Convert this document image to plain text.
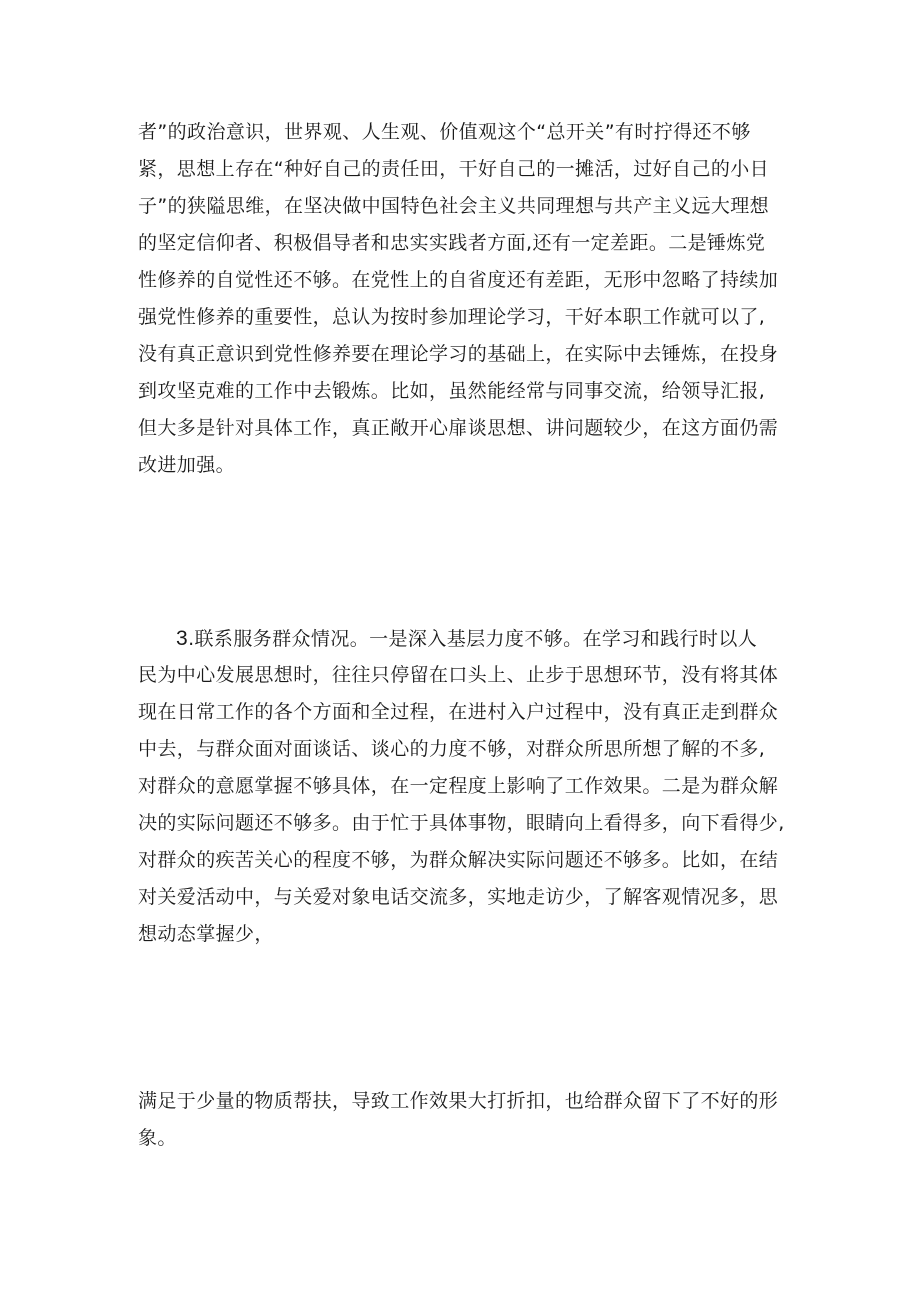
者”的政治意识，世界观、人生观、价值观这个“总开关”有时拧得还不够
紧，思想上存在“种好自己的责任田，干好自己的一摊活，过好自己的小日
子”的狭隘思维，在坚决做中国特色社会主义共同理想与共产主义远大理想
的坚定信仰者、积极倡导者和忠实实践者方面,还有一定差距。二是锤炼党
性修养的自觉性还不够。在党性上的自省度还有差距，无形中忽略了持续加
强党性修养的重要性，总认为按时参加理论学习，干好本职工作就可以了,
没有真正意识到党性修养要在理论学习的基础上，在实际中去锤炼，在投身
到攻坚克难的工作中去锻炼。比如，虽然能经常与同事交流，给领导汇报,
但大多是针对具体工作，真正敞开心扉谈思想、讲问题较少，在这方面仍需
改进加强。
3.联系服务群众情况。一是深入基层力度不够。在学习和践行时以人
民为中心发展思想时，往往只停留在口头上、止步于思想环节，没有将其体
现在日常工作的各个方面和全过程，在进村入户过程中，没有真正走到群众
中去，与群众面对面谈话、谈心的力度不够，对群众所思所想了解的不多,
对群众的意愿掌握不够具体，在一定程度上影响了工作效果。二是为群众解
决的实际问题还不够多。由于忙于具体事物，眼睛向上看得多，向下看得少,
对群众的疾苦关心的程度不够，为群众解决实际问题还不够多。比如，在结
对关爱活动中，与关爱对象电话交流多，实地走访少，了解客观情况多，思
想动态掌握少，
满足于少量的物质帮扶，导致工作效果大打折扣，也给群众留下了不好的形
象。
